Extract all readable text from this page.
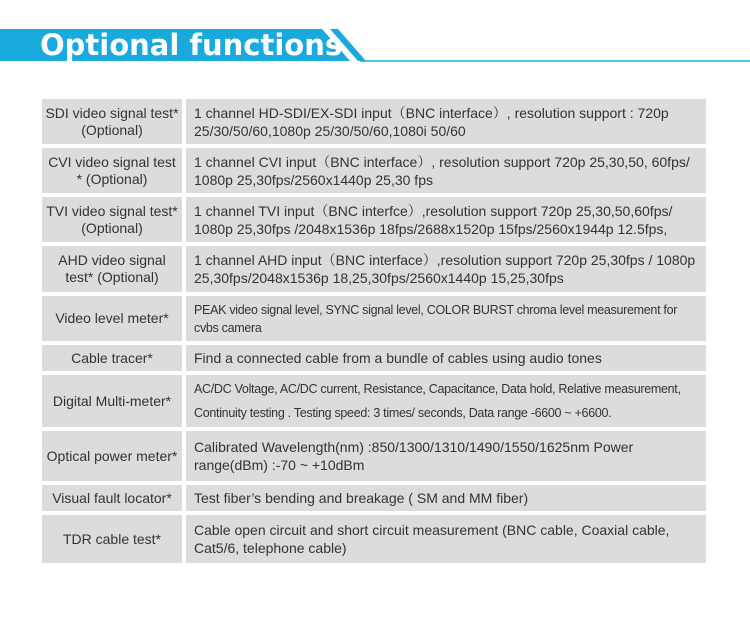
Optional functions
SDI video signal test* (Optional)
1 channel HD-SDI/EX-SDI input（BNC interface）, resolution support : 720p 25/30/50/60,1080p 25/30/50/60,1080i 50/60
CVI video signal test * (Optional)
1 channel CVI input（BNC interface）, resolution support 720p 25,30,50, 60fps/ 1080p 25,30fps/2560x1440p 25,30 fps
TVI video signal test* (Optional)
1 channel TVI input（BNC interfce）,resolution support 720p 25,30,50,60fps/ 1080p 25,30fps /2048x1536p 18fps/2688x1520p 15fps/2560x1944p 12.5fps,
AHD video signal test* (Optional)
1 channel AHD input（BNC interface）,resolution support 720p 25,30fps / 1080p 25,30fps/2048x1536p 18,25,30fps/2560x1440p 15,25,30fps
Video level meter*
PEAK video signal level, SYNC signal level, COLOR BURST chroma level measurement for cvbs camera
Cable tracer*	Find a connected cable from a bundle of cables using audio tones
Digital Multi-meter*
AC/DC Voltage, AC/DC current, Resistance, Capacitance, Data hold, Relative measurement, Continuity testing . Testing speed: 3 times/ seconds, Data range -6600 ~ +6600.
Optical power meter*
Calibrated Wavelength(nm) :850/1300/1310/1490/1550/1625nm Power range(dBm) :-70 ~ +10dBm
Visual fault locator*	Test fiber’s bending and breakage ( SM and MM fiber)
TDR cable test*
Cable open circuit and short circuit measurement (BNC cable, Coaxial cable, Cat5/6, telephone cable)
